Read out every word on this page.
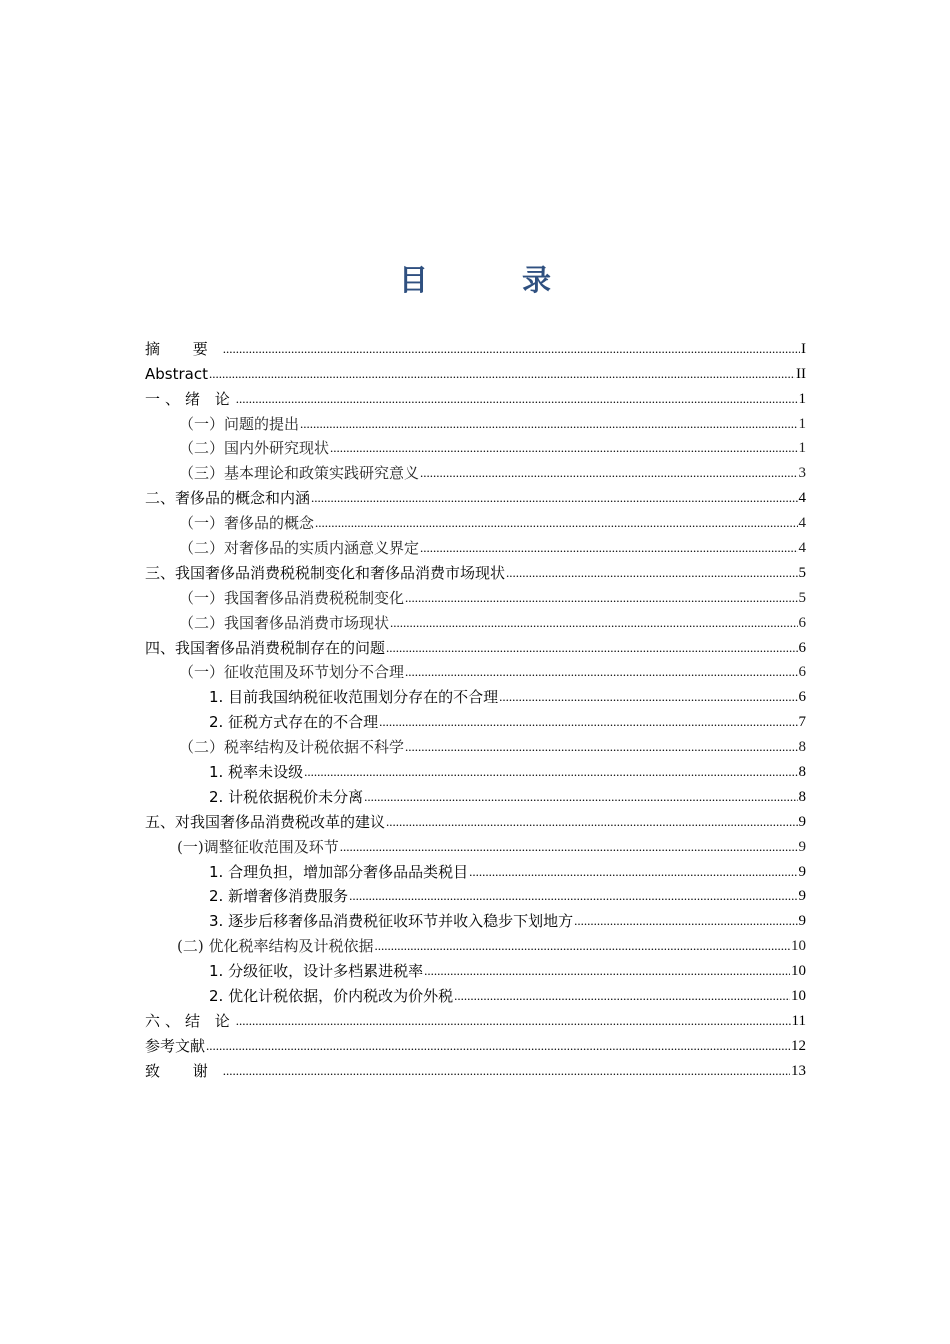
目 录
摘 要 .....	I
Abstract .....	II
一、绪 论 .....	1
（一）问题的提出 .....	1
（二）国内外研究现状 .....	1
（三）基本理论和政策实践研究意义 .....	3
二、奢侈品的概念和内涵 .....	4
（一）奢侈品的概念 .....	4
（二）对奢侈品的实质内涵意义界定 .....	4
三、我国奢侈品消费税税制变化和奢侈品消费市场现状 .....	5
（一）我国奢侈品消费税税制变化 .....	5
（二）我国奢侈品消费市场现状 .....	6
四、我国奢侈品消费税制存在的问题 .....	6
（一）征收范围及环节划分不合理 .....	6
1. 目前我国纳税征收范围划分存在的不合理 .....	6
2. 征税方式存在的不合理 .....	7
（二）税率结构及计税依据不科学 .....	8
1. 税率未设级 .....	8
2. 计税依据税价未分离 .....	8
五、对我国奢侈品消费税改革的建议 .....	9
(一)调整征收范围及环节 .....	9
1. 合理负担，增加部分奢侈品品类税目 .....	9
2. 新增奢侈消费服务 .....	9
3. 逐步后移奢侈品消费税征收环节并收入稳步下划地方 .....	9
(二) 优化税率结构及计税依据 .....	10
1. 分级征收，设计多档累进税率 .....	10
2. 优化计税依据，价内税改为价外税 .....	10
六、结 论 .....	11
参考文献 .....	12
致 谢 .....	13
